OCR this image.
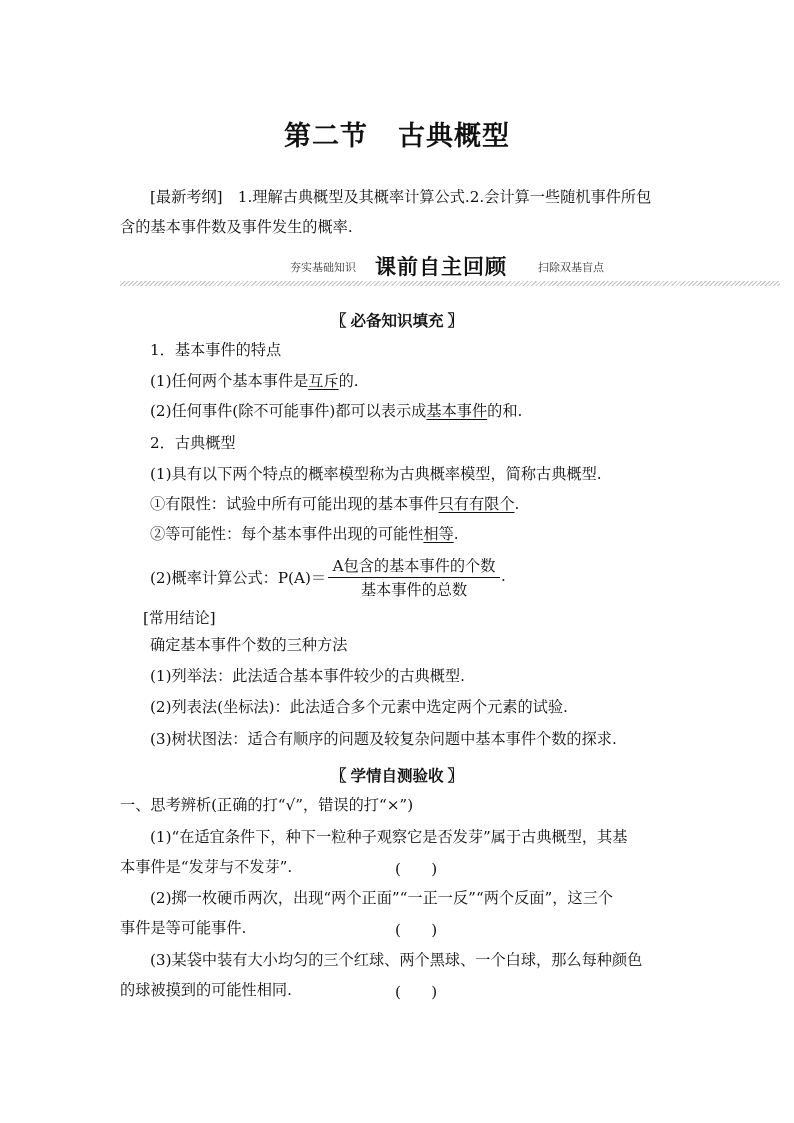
第二节 古典概型
[最新考纲]　1.理解古典概型及其概率计算公式.2.会计算一些随机事件所包
含的基本事件数及事件发生的概率.
夯实基础知识 课前自主回顾	扫除双基盲点
〖 必备知识填充 〗
1．基本事件的特点
(1)任何两个基本事件是互斥的.
(2)任何事件(除不可能事件)都可以表示成基本事件的和.
2．古典概型
(1)具有以下两个特点的概率模型称为古典概率模型，简称古典概型.
①有限性：试验中所有可能出现的基本事件只有有限个.
②等可能性：每个基本事件出现的可能性相等.
(2)概率计算公式：P(A)＝
A包含的基本事件的个数
基本事件的总数
.
[常用结论]
确定基本事件个数的三种方法
(1)列举法：此法适合基本事件较少的古典概型.
(2)列表法(坐标法)：此法适合多个元素中选定两个元素的试验.
(3)树状图法：适合有顺序的问题及较复杂问题中基本事件个数的探求.
〖 学情自测验收 〗
一、思考辨析(正确的打“√”，错误的打“×”)
(1)“在适宜条件下，种下一粒种子观察它是否发芽”属于古典概型，其基
本事件是“发芽与不发芽”.	(　　)
(2)掷一枚硬币两次，出现“两个正面”“一正一反”“两个反面”，这三个
事件是等可能事件.	(　　)
(3)某袋中装有大小均匀的三个红球、两个黑球、一个白球，那么每种颜色
的球被摸到的可能性相同.	(　　)
